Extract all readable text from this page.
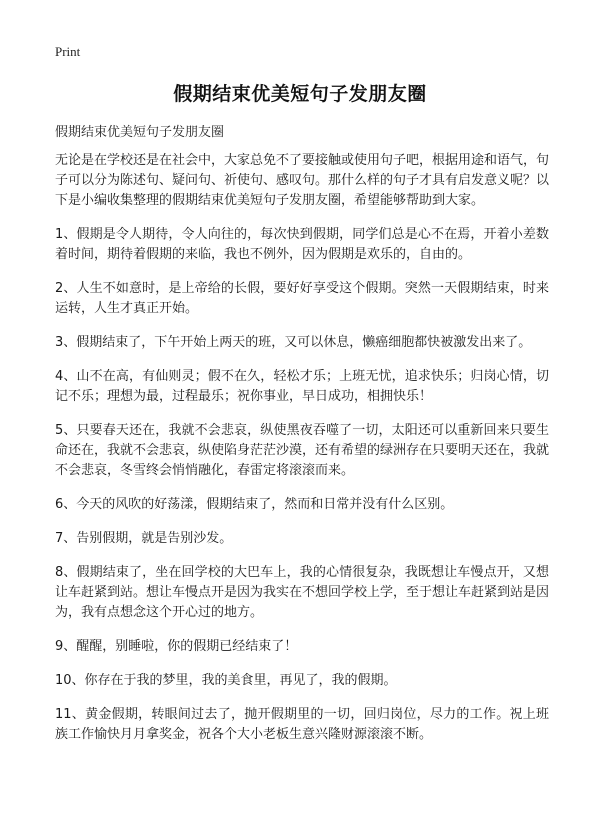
Print
假期结束优美短句子发朋友圈
假期结束优美短句子发朋友圈

无论是在学校还是在社会中，大家总免不了要接触或使用句子吧，根据用途和语气，句子可以分为陈述句、疑问句、祈使句、感叹句。那什么样的句子才具有启发意义呢？以下是小编收集整理的假期结束优美短句子发朋友圈，希望能够帮助到大家。

1、假期是令人期待，令人向往的，每次快到假期，同学们总是心不在焉，开着小差数着时间，期待着假期的来临，我也不例外，因为假期是欢乐的，自由的。

2、人生不如意时，是上帝给的长假，要好好享受这个假期。突然一天假期结束，时来运转，人生才真正开始。

3、假期结束了，下午开始上两天的班，又可以休息，懒癌细胞都快被激发出来了。

4、山不在高，有仙则灵；假不在久，轻松才乐；上班无忧，追求快乐；归岗心情，切记不乐；理想为最，过程最乐；祝你事业，早日成功，相拥快乐！

5、只要春天还在，我就不会悲哀，纵使黑夜吞噬了一切，太阳还可以重新回来只要生命还在，我就不会悲哀，纵使陷身茫茫沙漠，还有希望的绿洲存在只要明天还在，我就不会悲哀，冬雪终会悄悄融化，春雷定将滚滚而来。

6、今天的风吹的好荡漾，假期结束了，然而和日常并没有什么区别。

7、告别假期，就是告别沙发。

8、假期结束了，坐在回学校的大巴车上，我的心情很复杂，我既想让车慢点开，又想让车赶紧到站。想让车慢点开是因为我实在不想回学校上学，至于想让车赶紧到站是因为，我有点想念这个开心过的地方。

9、醒醒，别睡啦，你的假期已经结束了！

10、你存在于我的梦里，我的美食里，再见了，我的假期。

11、黄金假期，转眼间过去了，抛开假期里的一切，回归岗位，尽力的工作。祝上班族工作愉快月月拿奖金，祝各个大小老板生意兴隆财源滚滚不断。
